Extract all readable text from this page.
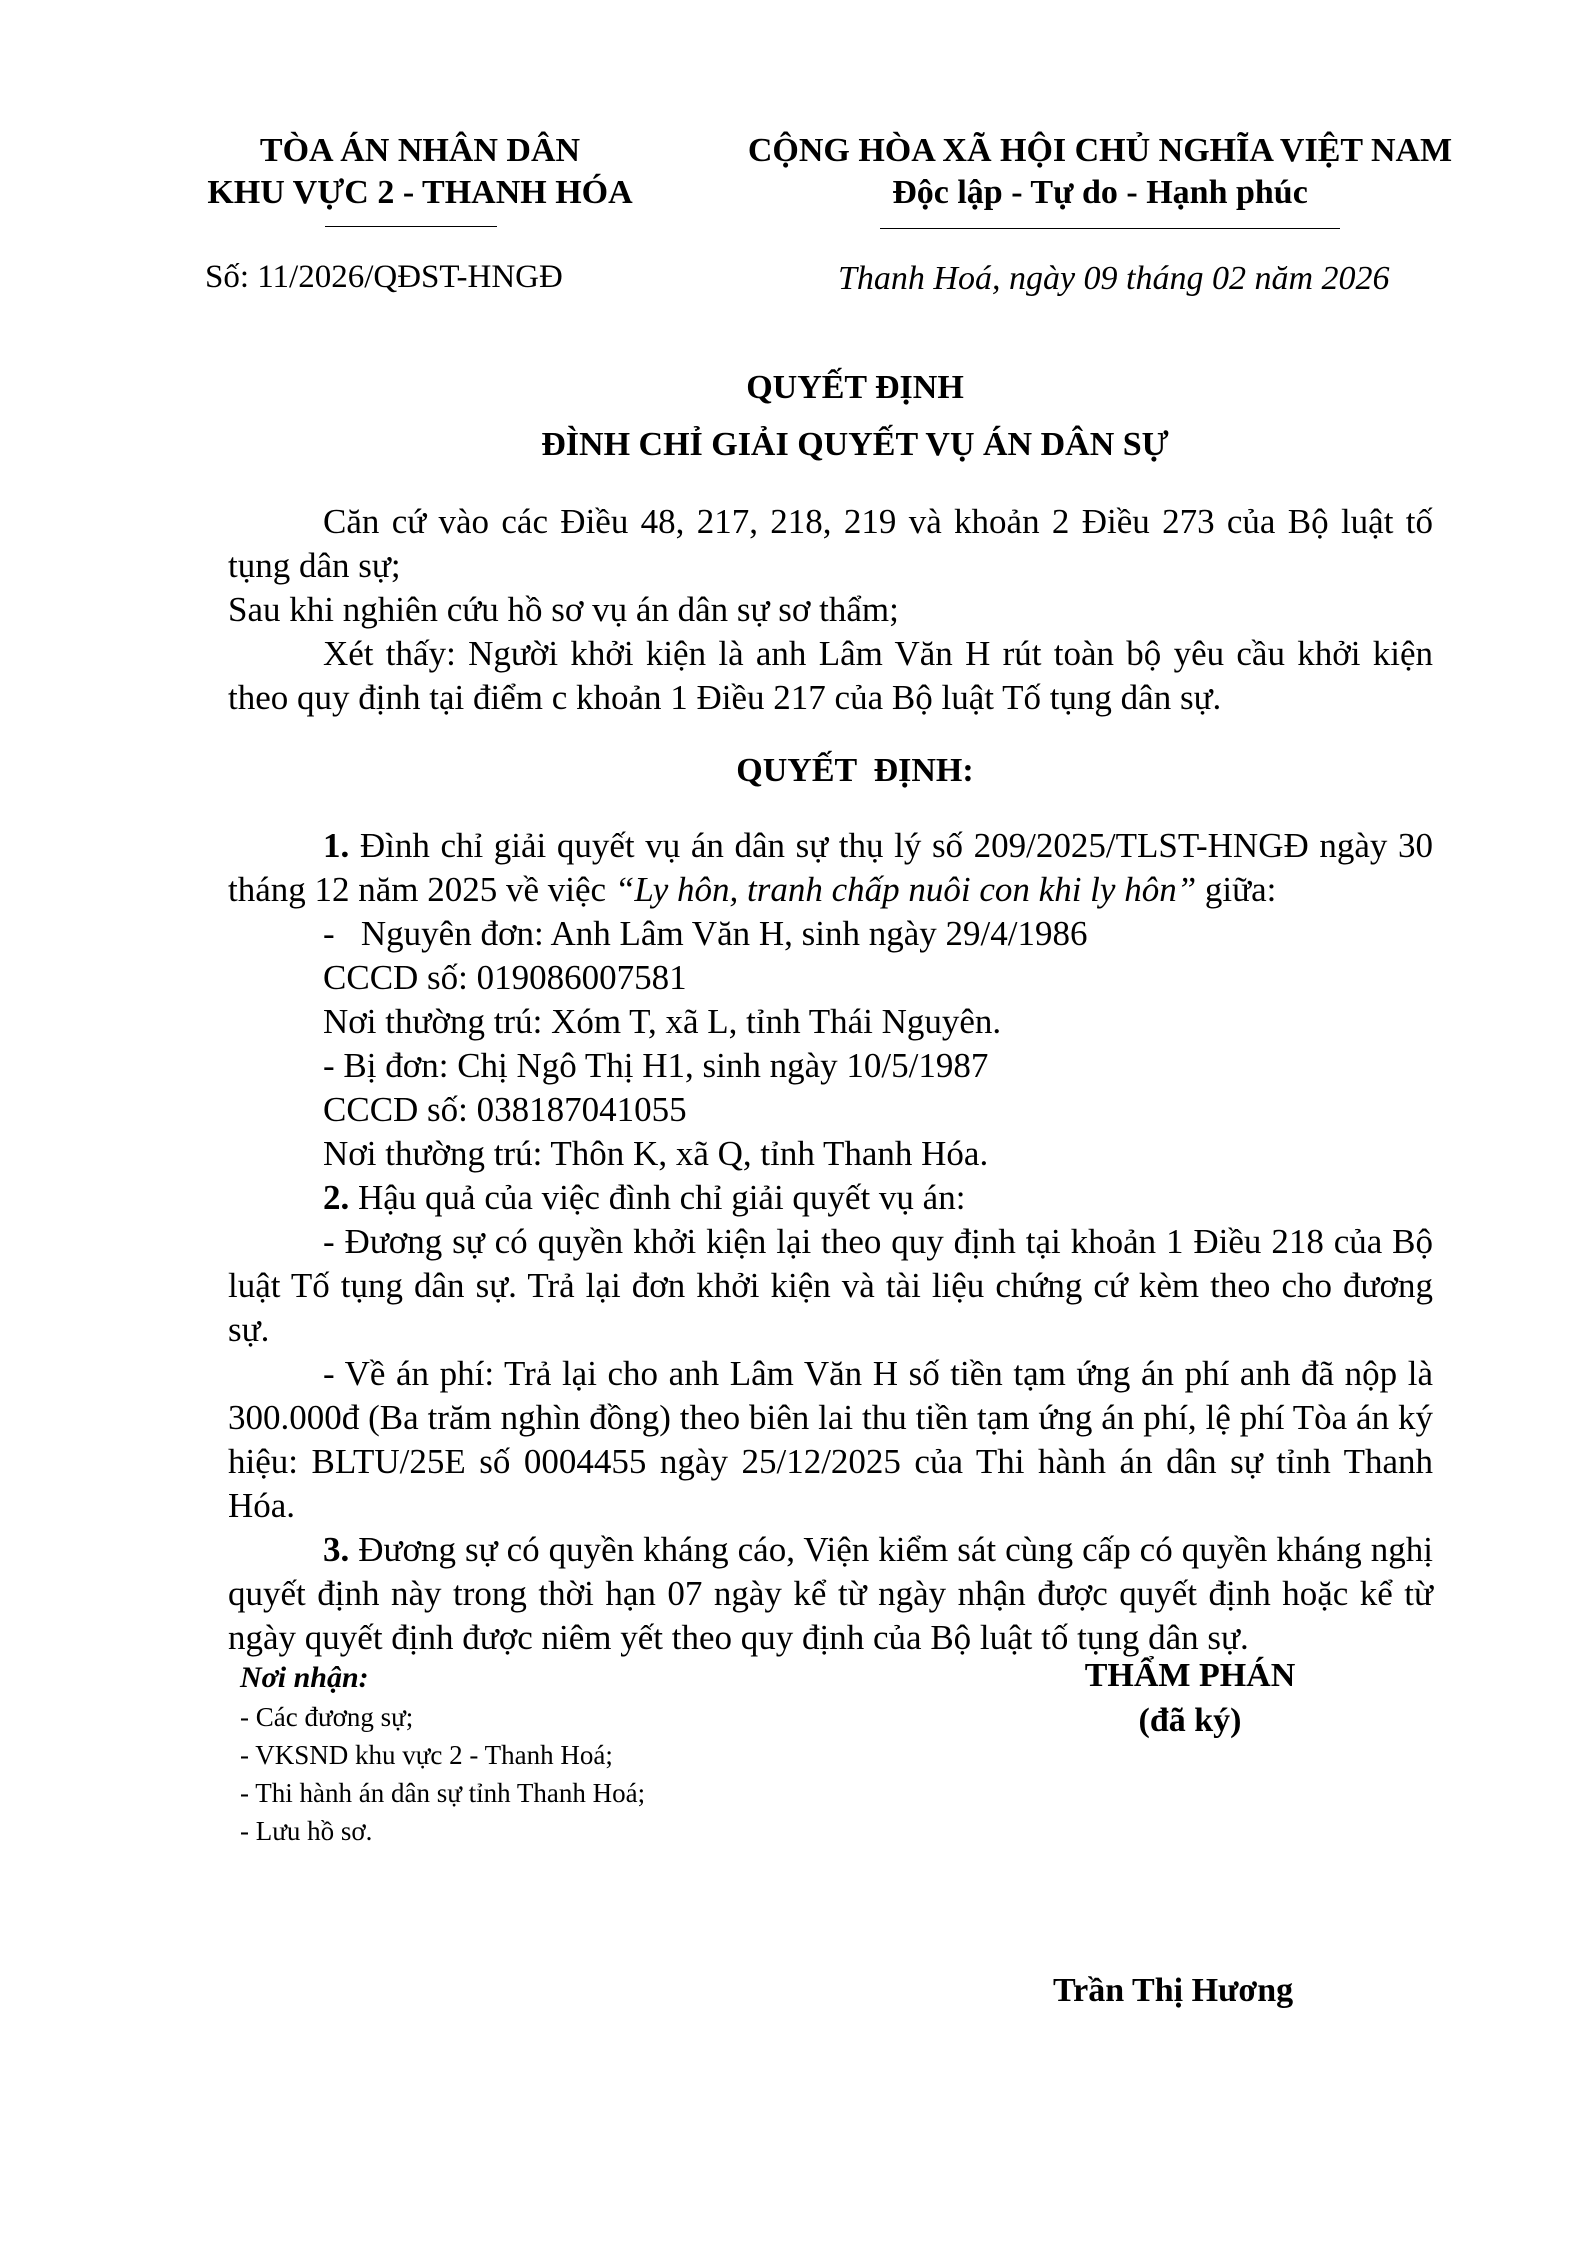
TÒA ÁN NHÂN DÂN
KHU VỰC 2 - THANH HÓA
CỘNG HÒA XÃ HỘI CHỦ NGHĨA VIỆT NAM
Độc lập - Tự do - Hạnh phúc
Số: 11/2026/QĐST-HNGĐ	Thanh Hoá, ngày 09 tháng 02 năm 2026
QUYẾT ĐỊNH
ĐÌNH CHỈ GIẢI QUYẾT VỤ ÁN DÂN SỰ

Căn cứ vào các Điều 48, 217, 218, 219 và khoản 2 Điều 273 của Bộ luật tố tụng dân sự;

Sau khi nghiên cứu hồ sơ vụ án dân sự sơ thẩm;

Xét thấy: Người khởi kiện là anh Lâm Văn H rút toàn bộ yêu cầu khởi kiện theo quy định tại điểm c khoản 1 Điều 217 của Bộ luật Tố tụng dân sự.

QUYẾT  ĐỊNH:

1. Đình chỉ giải quyết vụ án dân sự thụ lý số 209/2025/TLST-HNGĐ ngày 30 tháng 12 năm 2025 về việc “Ly hôn, tranh chấp nuôi con khi ly hôn” giữa:

-   Nguyên đơn: Anh Lâm Văn H, sinh ngày 29/4/1986

CCCD số: 019086007581

Nơi thường trú: Xóm T, xã L, tỉnh Thái Nguyên.

- Bị đơn: Chị Ngô Thị H1, sinh ngày 10/5/1987

CCCD số: 038187041055

Nơi thường trú: Thôn K, xã Q, tỉnh Thanh Hóa.

2. Hậu quả của việc đình chỉ giải quyết vụ án:

- Đương sự có quyền khởi kiện lại theo quy định tại khoản 1 Điều 218 của Bộ luật Tố tụng dân sự. Trả lại đơn khởi kiện và tài liệu chứng cứ kèm theo cho đương sự.

- Về án phí: Trả lại cho anh Lâm Văn H số tiền tạm ứng án phí anh đã nộp là 300.000đ (Ba trăm nghìn đồng) theo biên lai thu tiền tạm ứng án phí, lệ phí Tòa án ký hiệu: BLTU/25E số 0004455 ngày 25/12/2025 của Thi hành án dân sự tỉnh Thanh Hóa.

3. Đương sự có quyền kháng cáo, Viện kiểm sát cùng cấp có quyền kháng nghị quyết định này trong thời hạn 07 ngày kể từ ngày nhận được quyết định hoặc kể từ ngày quyết định được niêm yết theo quy định của Bộ luật tố tụng dân sự.

Nơi nhận:
- Các đương sự;
- VKSND khu vực 2 - Thanh Hoá;
- Thi hành án dân sự tỉnh Thanh Hoá;
- Lưu hồ sơ.
THẨM PHÁN
(đã ký)
Trần Thị Hương
